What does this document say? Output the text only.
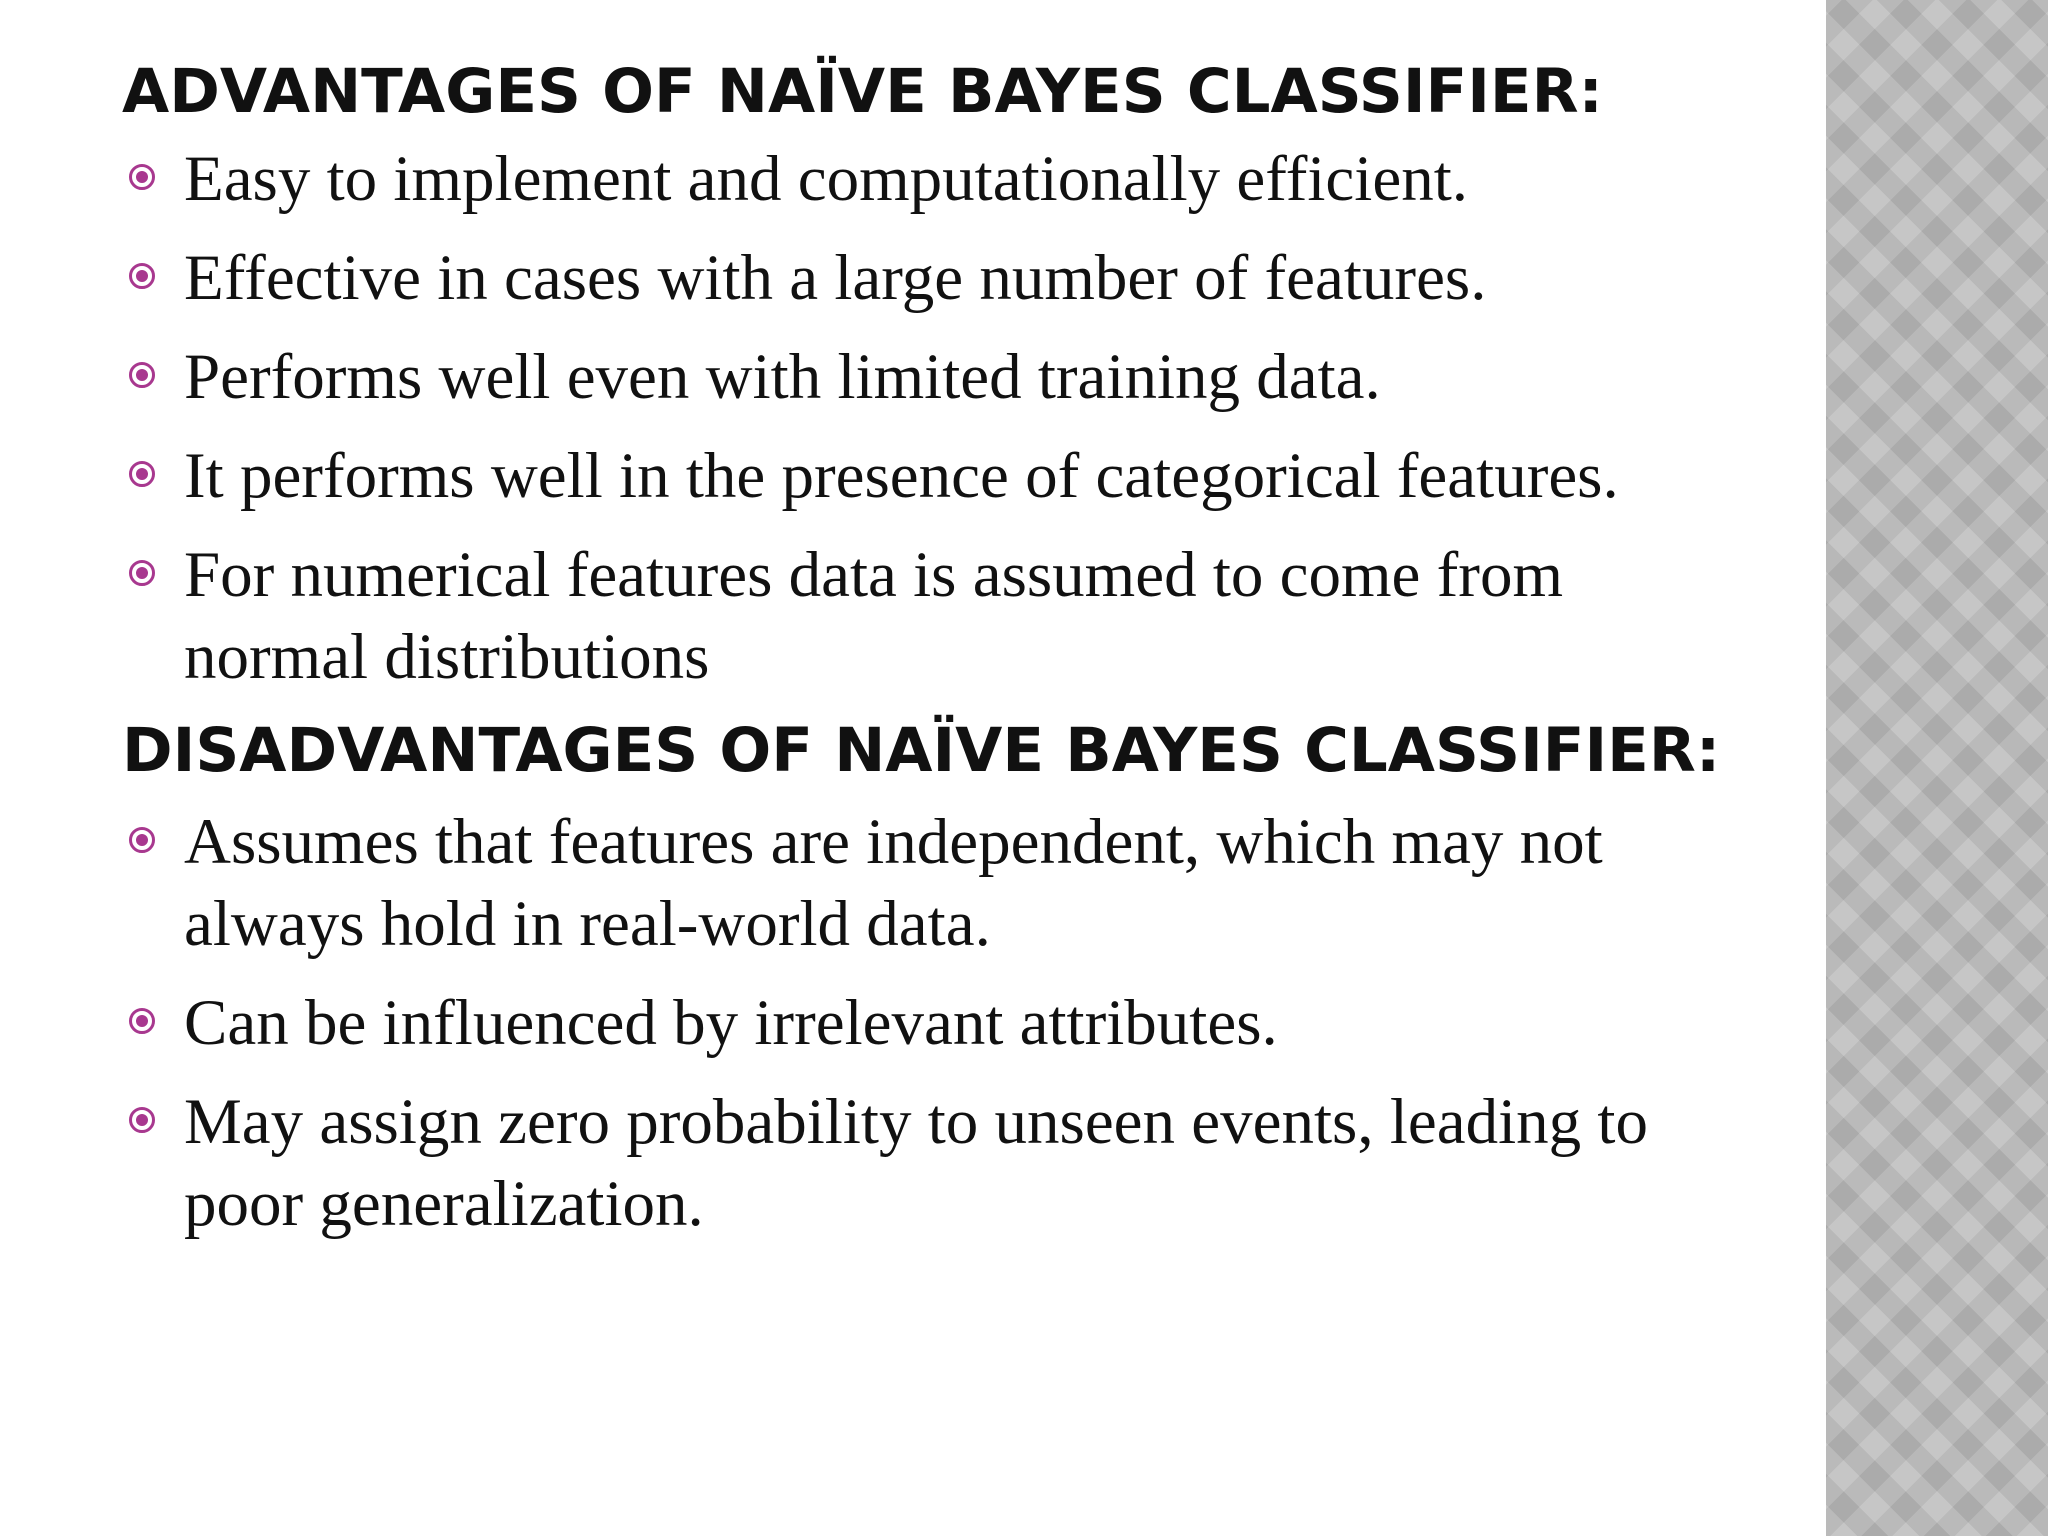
ADVANTAGES OF NAÏVE BAYES CLASSIFIER:
Easy to implement and computationally efficient.
Effective in cases with a large number of features.
Performs well even with limited training data.
It performs well in the presence of categorical features.
For numerical features data is assumed to come from normal distributions
DISADVANTAGES OF NAÏVE BAYES CLASSIFIER:
Assumes that features are independent, which may not always hold in real-world data.
Can be influenced by irrelevant attributes.
May assign zero probability to unseen events, leading to poor generalization.
